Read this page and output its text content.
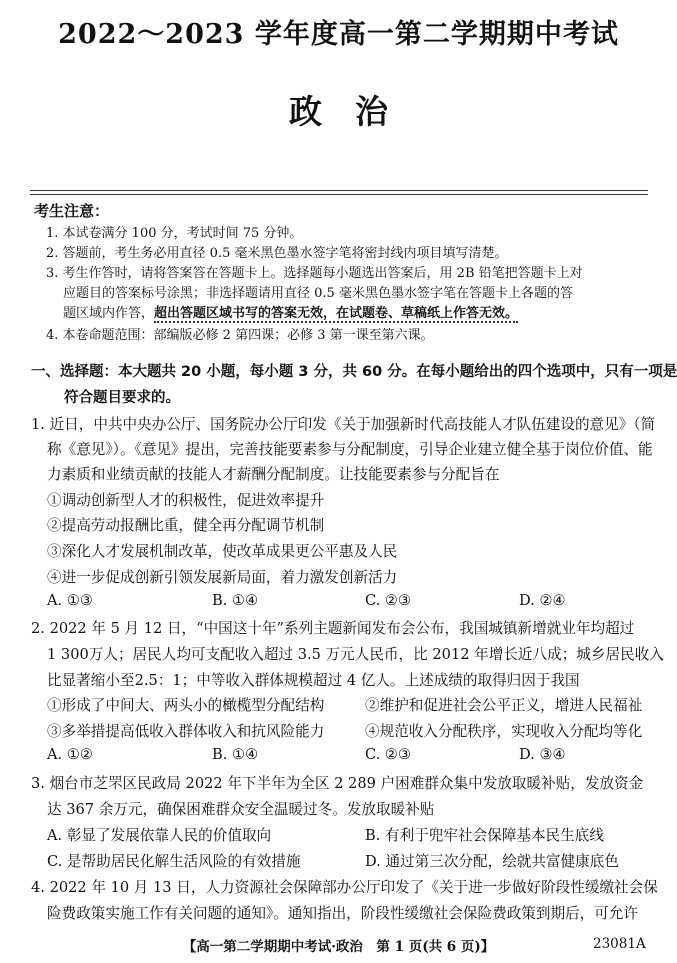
2022～2023 学年度高一第二学期期中考试
政　治
考生注意：
1. 本试卷满分 100 分，考试时间 75 分钟。
2. 答题前，考生务必用直径 0.5 毫米黑色墨水签字笔将密封线内项目填写清楚。
3. 考生作答时，请将答案答在答题卡上。选择题每小题选出答案后，用 2B 铅笔把答题卡上对
应题目的答案标号涂黑；非选择题请用直径 0.5 毫米黑色墨水签字笔在答题卡上各题的答
题区域内作答，超出答题区域书写的答案无效，在试题卷、草稿纸上作答无效。
4. 本卷命题范围：部编版必修 2 第四课；必修 3 第一课至第六课。
一、选择题：本大题共 20 小题，每小题 3 分，共 60 分。在每小题给出的四个选项中，只有一项是
符合题目要求的。
1. 近日，中共中央办公厅、国务院办公厅印发《关于加强新时代高技能人才队伍建设的意见》（简
称《意见》）。《意见》提出，完善技能要素参与分配制度，引导企业建立健全基于岗位价值、能
力素质和业绩贡献的技能人才薪酬分配制度。让技能要素参与分配旨在
①调动创新型人才的积极性，促进效率提升
②提高劳动报酬比重，健全再分配调节机制
③深化人才发展机制改革，使改革成果更公平惠及人民
④进一步促成创新引领发展新局面，着力激发创新活力
A. ①③	B. ①④	C. ②③	D. ②④
2. 2022 年 5 月 12 日，“中国这十年”系列主题新闻发布会公布，我国城镇新增就业年均超过
1 300万人；居民人均可支配收入超过 3.5 万元人民币，比 2012 年增长近八成；城乡居民收入
比显著缩小至2.5：1；中等收入群体规模超过 4 亿人。上述成绩的取得归因于我国
①形成了中间大、两头小的橄榄型分配结构	②维护和促进社会公平正义，增进人民福祉
③多举措提高低收入群体收入和抗风险能力	④规范收入分配秩序，实现收入分配均等化
A. ①②	B. ①④	C. ②③	D. ③④
3. 烟台市芝罘区民政局 2022 年下半年为全区 2 289 户困难群众集中发放取暖补贴，发放资金
达 367 余万元，确保困难群众安全温暖过冬。发放取暖补贴
A. 彰显了发展依靠人民的价值取向	B. 有利于兜牢社会保障基本民生底线
C. 是帮助居民化解生活风险的有效措施	D. 通过第三次分配，绘就共富健康底色
4. 2022 年 10 月 13 日，人力资源社会保障部办公厅印发了《关于进一步做好阶段性缓缴社会保
险费政策实施工作有关问题的通知》。通知指出，阶段性缓缴社会保险费政策到期后，可允许
【高一第二学期期中考试·政治　第 1 页(共 6 页)】	23081A
